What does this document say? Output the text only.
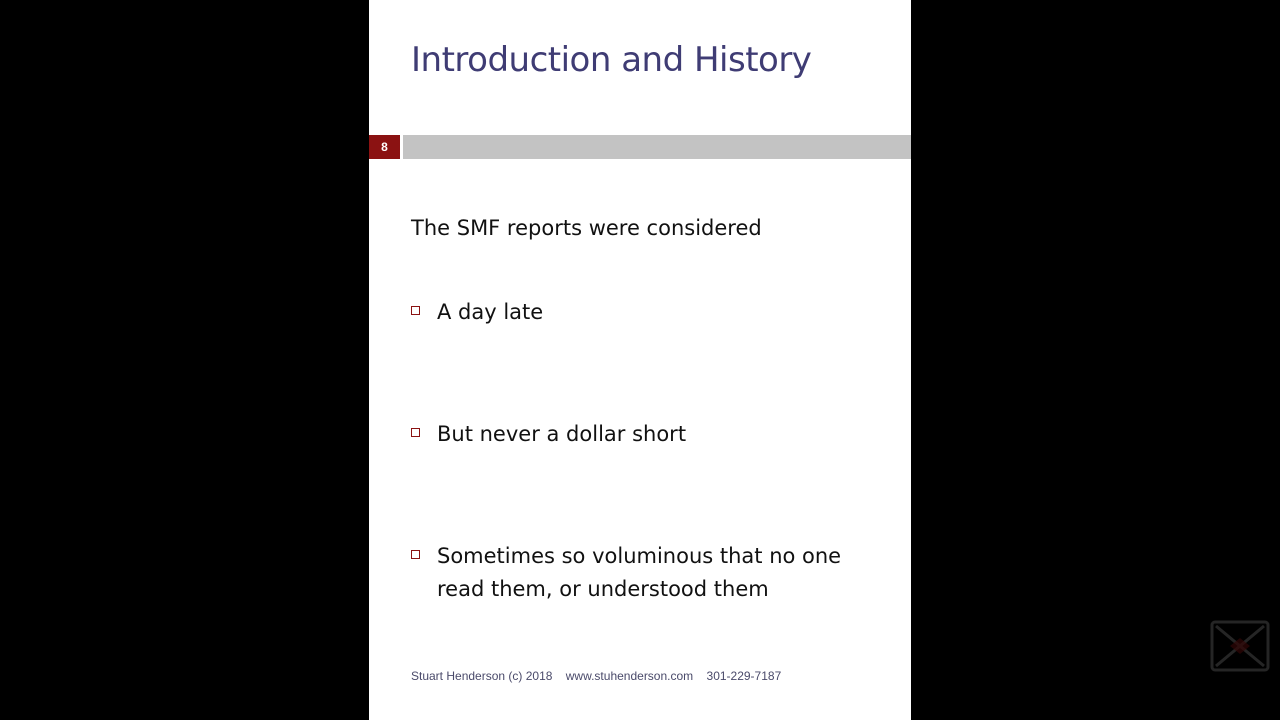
Introduction and History
8

The SMF reports were considered

A day late
But never a dollar short
Sometimes so voluminous that no one read them, or understood them
Stuart Henderson (c) 2018 www.stuhenderson.com 301-229-7187
